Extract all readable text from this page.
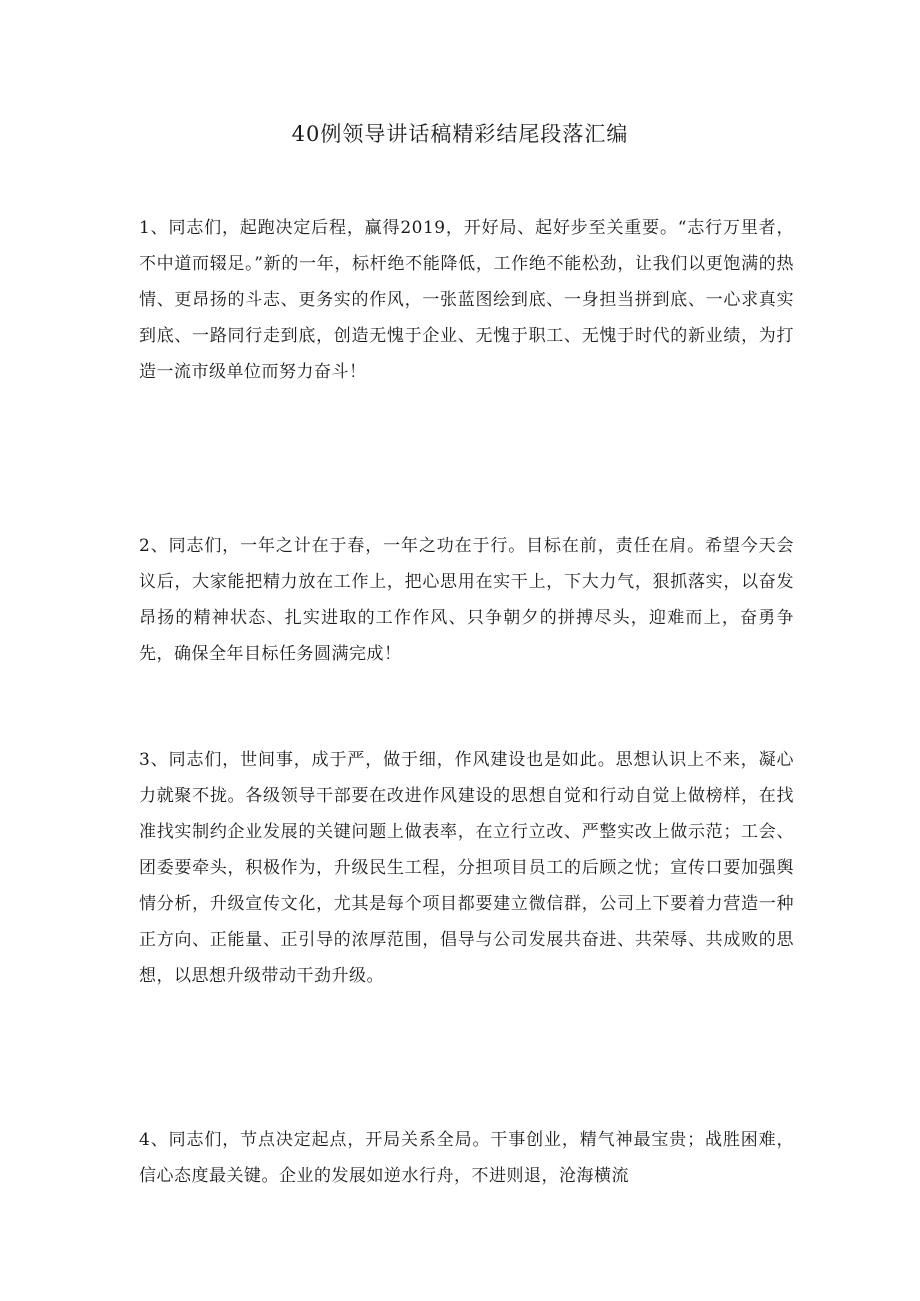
40例领导讲话稿精彩结尾段落汇编

1、同志们，起跑决定后程，赢得2019，开好局、起好步至关重要。“志行万里者，不中道而辍足。”新的一年，标杆绝不能降低，工作绝不能松劲，让我们以更饱满的热情、更昂扬的斗志、更务实的作风，一张蓝图绘到底、一身担当拼到底、一心求真实到底、一路同行走到底，创造无愧于企业、无愧于职工、无愧于时代的新业绩，为打造一流市级单位而努力奋斗！

2、同志们，一年之计在于春，一年之功在于行。目标在前，责任在肩。希望今天会议后，大家能把精力放在工作上，把心思用在实干上，下大力气，狠抓落实，以奋发昂扬的精神状态、扎实进取的工作作风、只争朝夕的拼搏尽头，迎难而上，奋勇争先，确保全年目标任务圆满完成！

3、同志们，世间事，成于严，做于细，作风建设也是如此。思想认识上不来，凝心力就聚不拢。各级领导干部要在改进作风建设的思想自觉和行动自觉上做榜样，在找准找实制约企业发展的关键问题上做表率，在立行立改、严整实改上做示范；工会、团委要牵头，积极作为，升级民生工程，分担项目员工的后顾之忧；宣传口要加强舆情分析，升级宣传文化，尤其是每个项目都要建立微信群，公司上下要着力营造一种正方向、正能量、正引导的浓厚范围，倡导与公司发展共奋进、共荣辱、共成败的思想，以思想升级带动干劲升级。

4、同志们，节点决定起点，开局关系全局。干事创业，精气神最宝贵；战胜困难，信心态度最关键。企业的发展如逆水行舟，不进则退，沧海横流
